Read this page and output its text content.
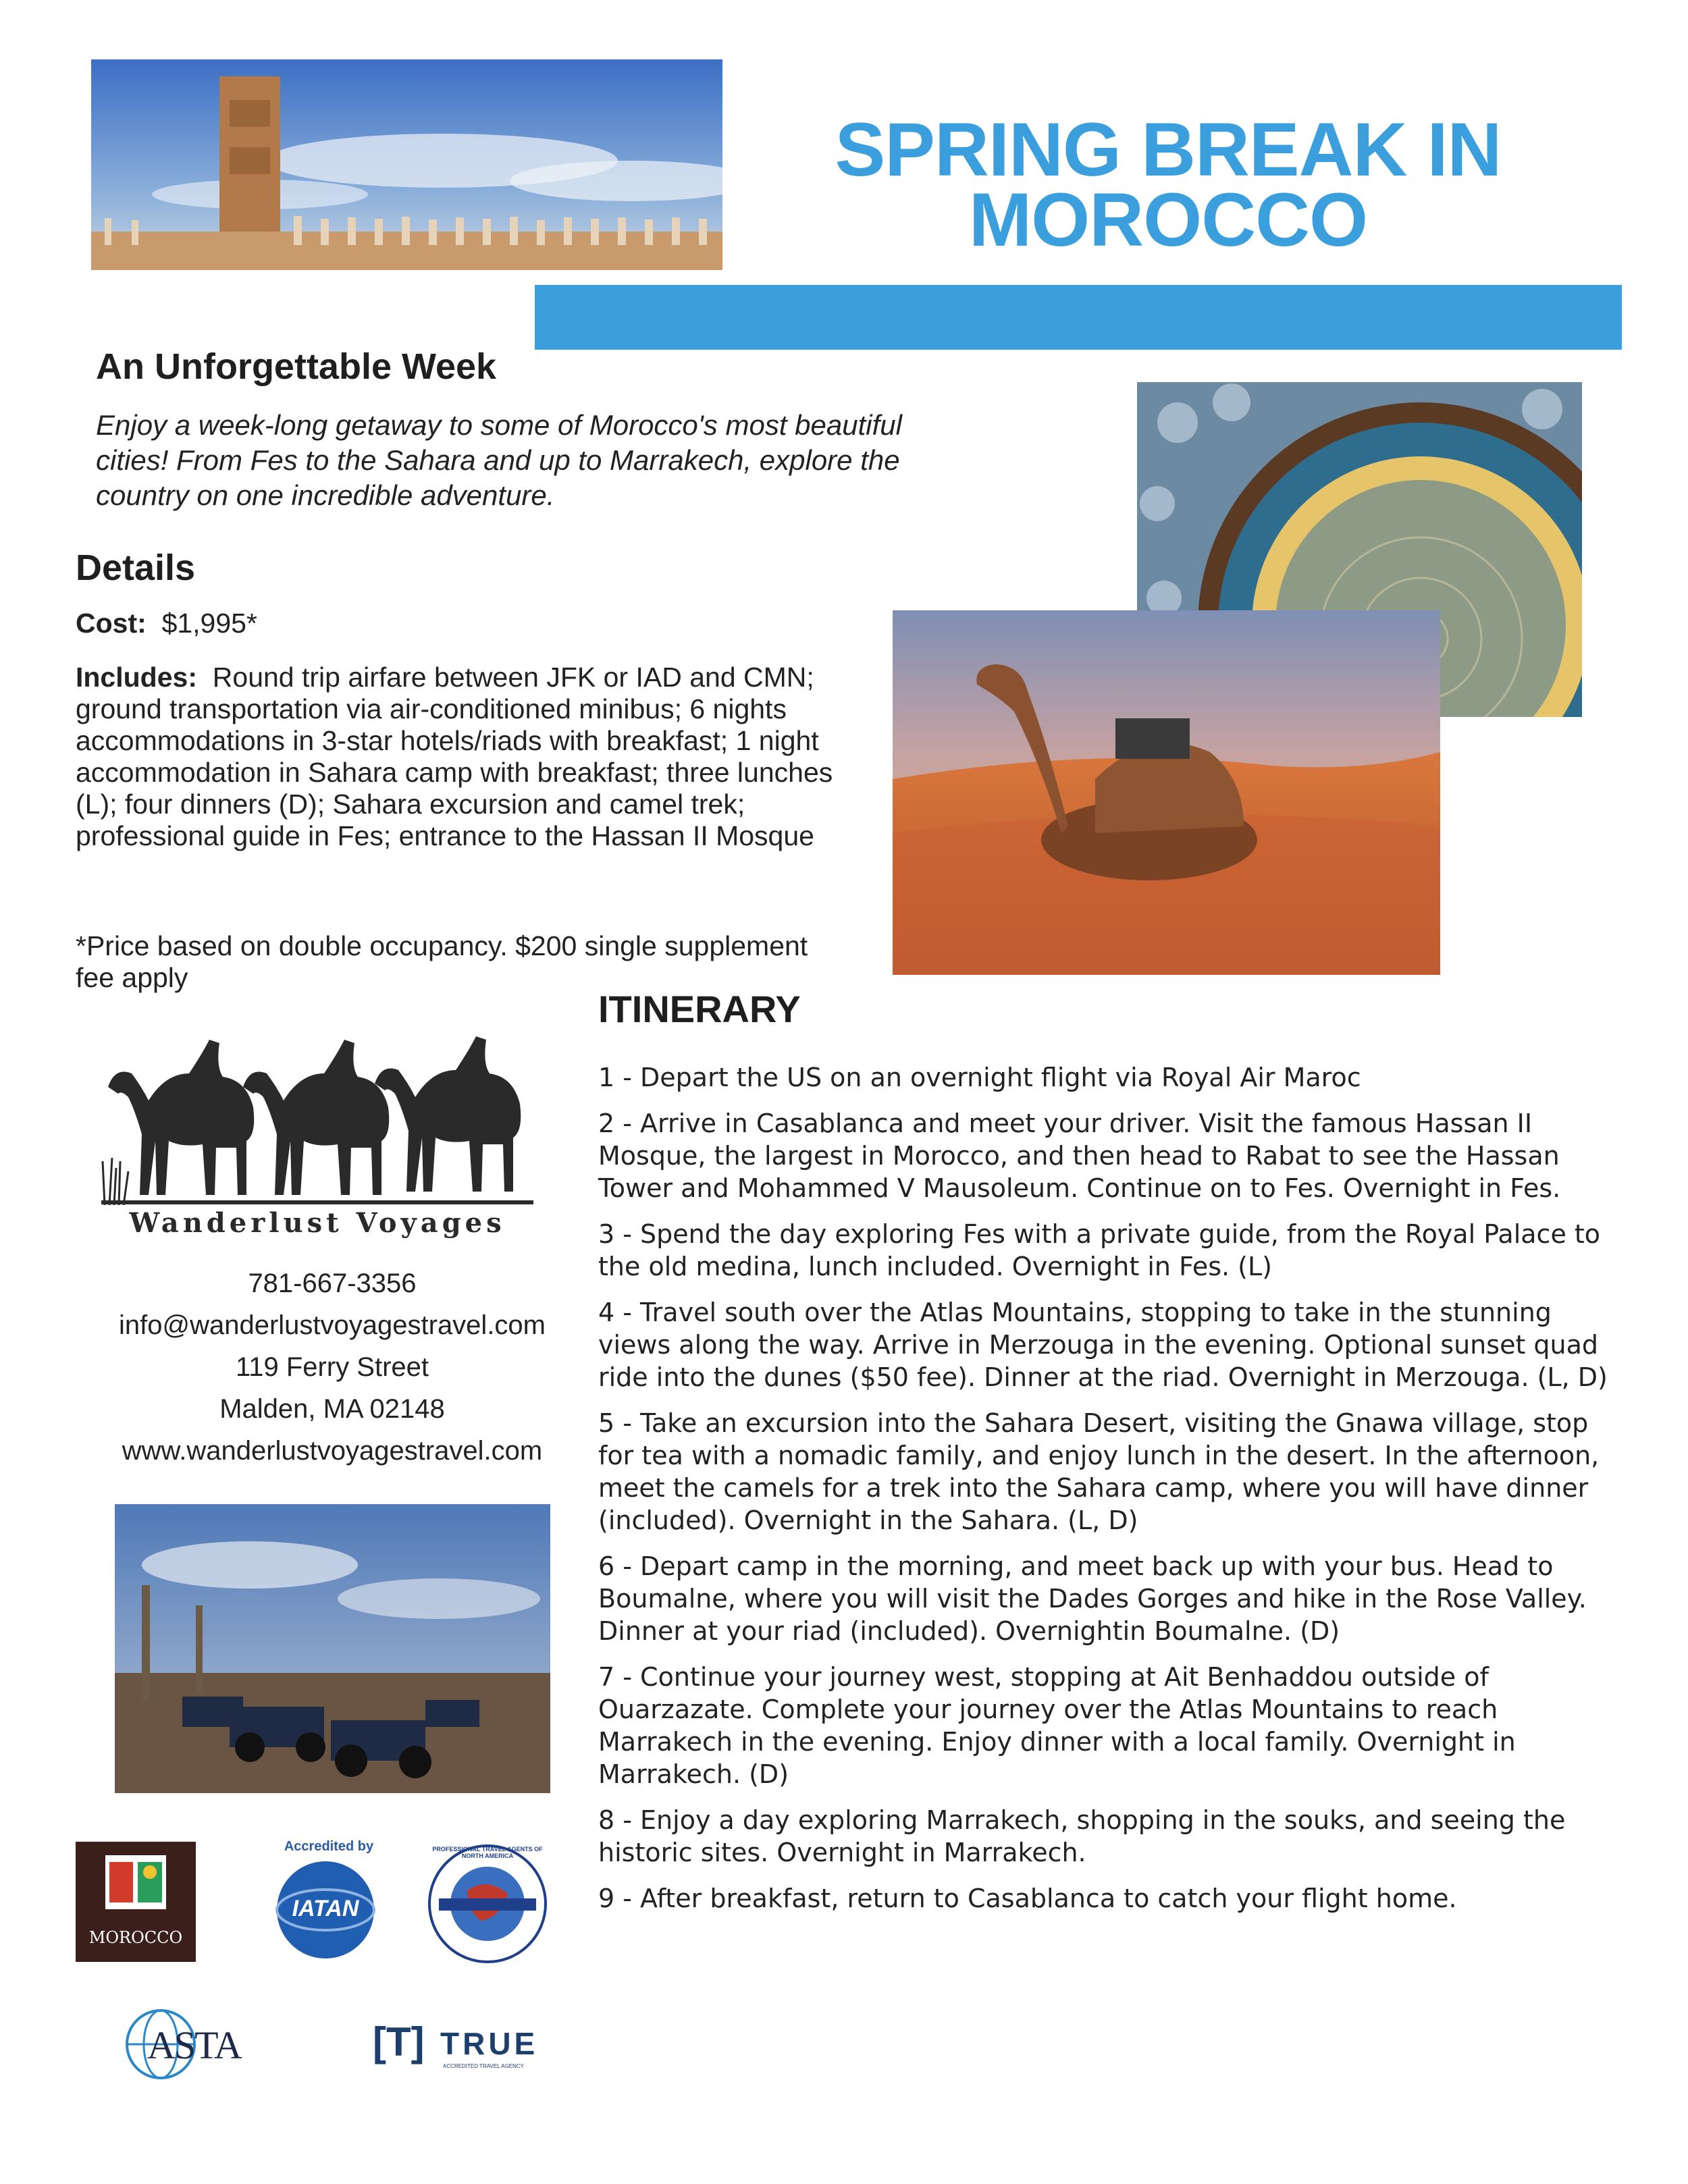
SPRING BREAK IN
MOROCCO
An Unforgettable Week
Enjoy a week-long getaway to some of Morocco's most beautiful cities! From Fes to the Sahara and up to Marrakech, explore the country on one incredible adventure.
Details
Cost: $1,995*
Includes: Round trip airfare between JFK or IAD and CMN; ground transportation via air-conditioned minibus; 6 nights accommodations in 3-star hotels/riads with breakfast; 1 night accommodation in Sahara camp with breakfast; three lunches (L); four dinners (D); Sahara excursion and camel trek; professional guide in Fes; entrance to the Hassan II Mosque
*Price based on double occupancy. $200 single supplement fee apply
ITINERARY

1 - Depart the US on an overnight flight via Royal Air Maroc

2 - Arrive in Casablanca and meet your driver. Visit the famous Hassan II Mosque, the largest in Morocco, and then head to Rabat to see the Hassan Tower and Mohammed V Mausoleum. Continue on to Fes. Overnight in Fes.

3 - Spend the day exploring Fes with a private guide, from the Royal Palace to the old medina, lunch included. Overnight in Fes. (L)

4 - Travel south over the Atlas Mountains, stopping to take in the stunning views along the way. Arrive in Merzouga in the evening. Optional sunset quad ride into the dunes ($50 fee). Dinner at the riad. Overnight in Merzouga. (L, D)

5 - Take an excursion into the Sahara Desert, visiting the Gnawa village, stop for tea with a nomadic family, and enjoy lunch in the desert. In the afternoon, meet the camels for a trek into the Sahara camp, where you will have dinner (included). Overnight in the Sahara. (L, D)

6 - Depart camp in the morning, and meet back up with your bus. Head to Boumalne, where you will visit the Dades Gorges and hike in the Rose Valley. Dinner at your riad (included). Overnightin Boumalne. (D)

7 - Continue your journey west, stopping at Ait Benhaddou outside of Ouarzazate. Complete your journey over the Atlas Mountains to reach Marrakech in the evening. Enjoy dinner with a local family. Overnight in Marrakech. (D)

8 - Enjoy a day exploring Marrakech, shopping in the souks, and seeing the historic sites. Overnight in Marrakech.

9 - After breakfast, return to Casablanca to catch your flight home.

Wanderlust Voyages
781-667-3356
info@wanderlustvoyagestravel.com
119 Ferry Street
Malden, MA 02148
www.wanderlustvoyagestravel.com
MOROCCO
Accredited by
IATAN
PROFESSIONAL TRAVEL AGENTS OF NORTH AMERICA
ASTA	[T] TRUE
ACCREDITED TRAVEL AGENCY
